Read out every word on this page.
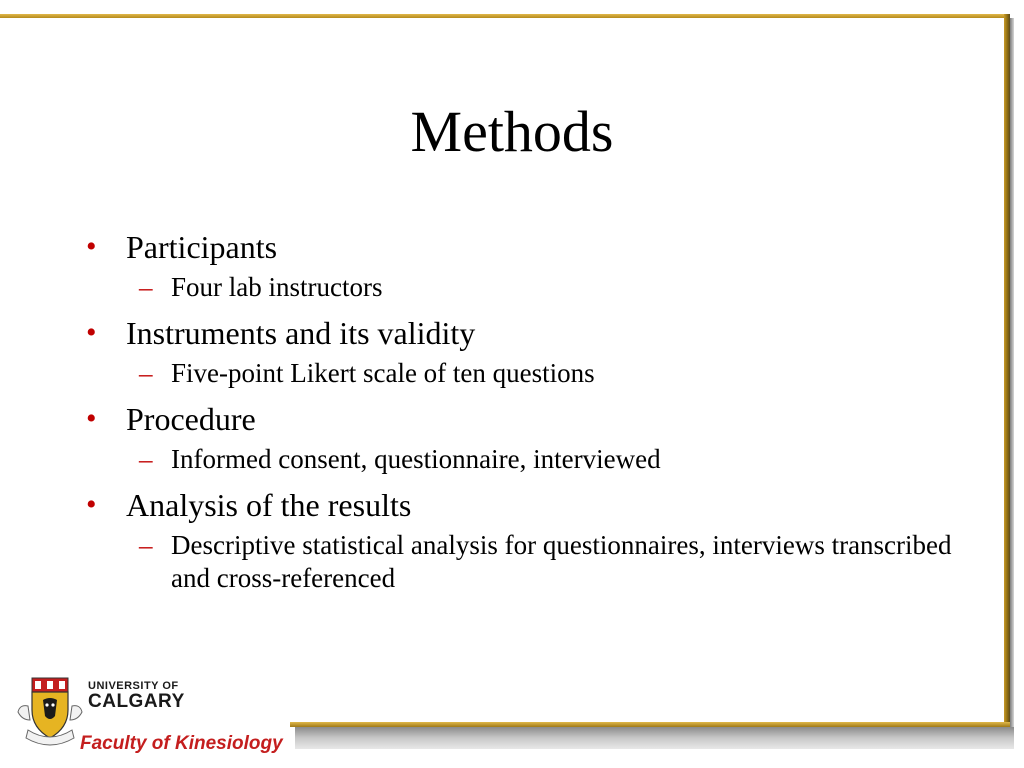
Methods
• Participants
– Four lab instructors
• Instruments and its validity
– Five-point Likert scale of ten questions
• Procedure
– Informed consent, questionnaire, interviewed
• Analysis of the results
– Descriptive statistical analysis for questionnaires, interviews transcribed and cross-referenced
UNIVERSITY OF
CALGARY
Faculty of Kinesiology
